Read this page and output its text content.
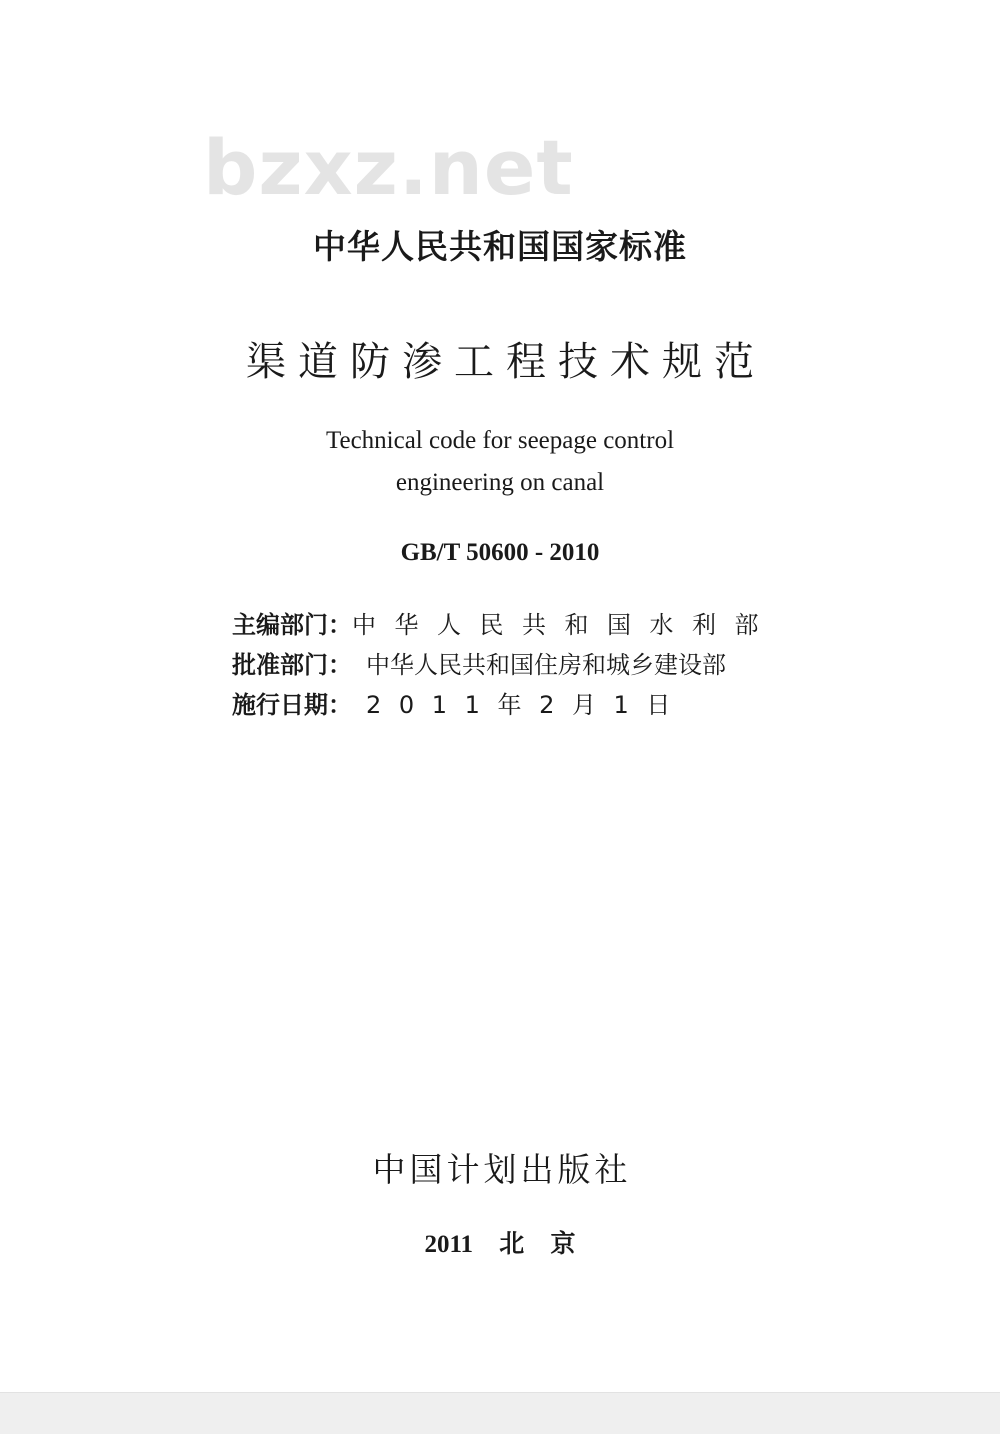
bzxz.net
中华人民共和国国家标准
渠道防渗工程技术规范
Technical code for seepage control
engineering on canal
GB/T 50600 - 2010
主编部门： 中华人民共和国水利部
批准部门： 中华人民共和国住房和城乡建设部
施行日期： 2011年2月1日
中国计划出版社
2011 北 京
